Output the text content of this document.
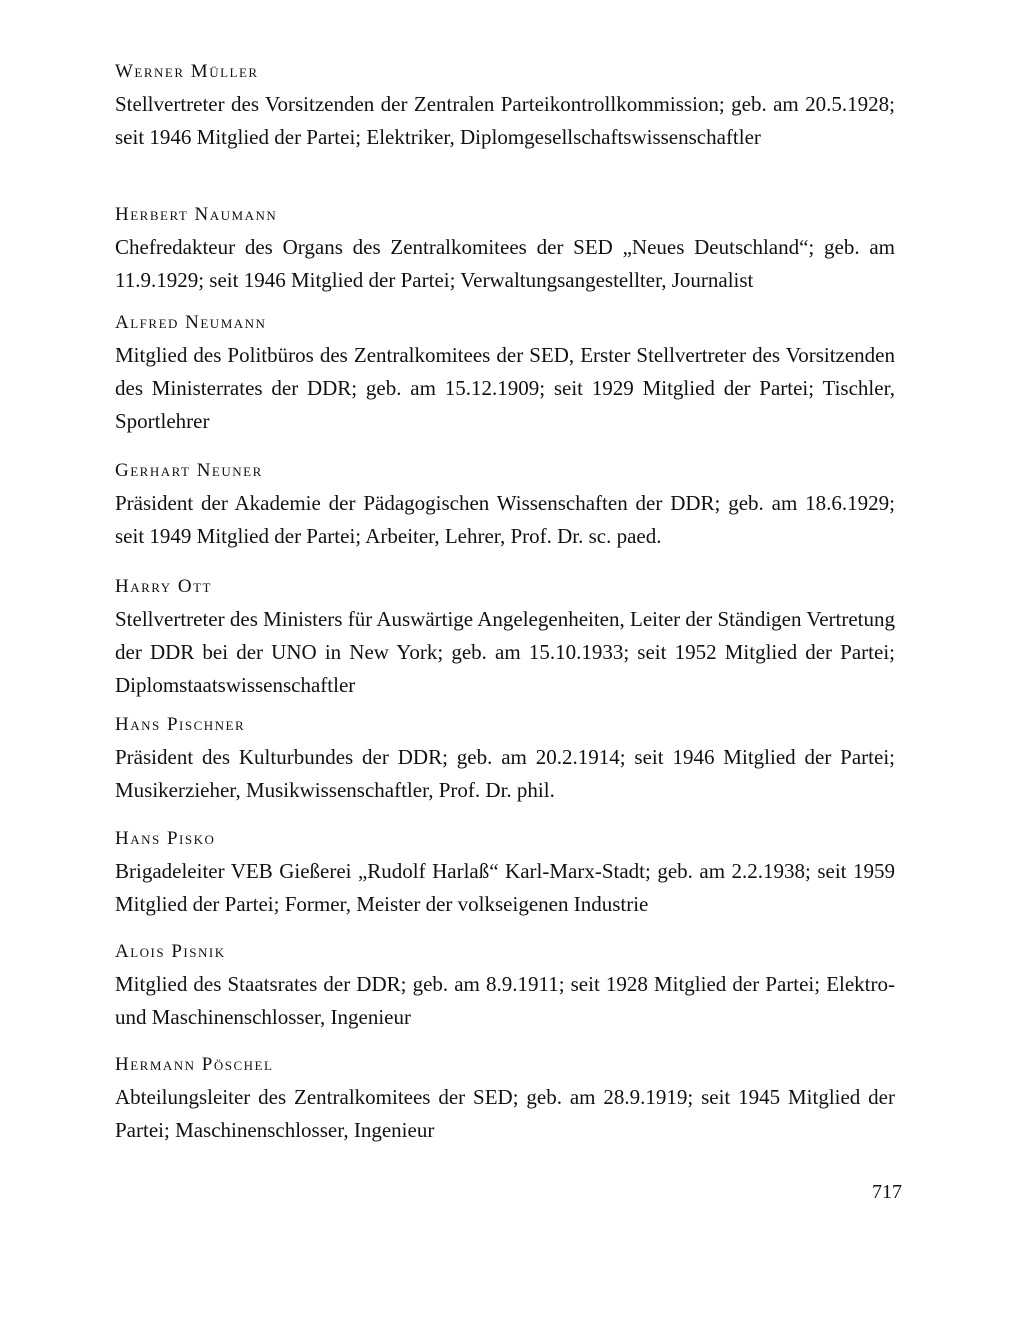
Werner Müller

Stellvertreter des Vorsitzenden der Zentralen Parteikontrollkommission; geb. am 20.5.1928; seit 1946 Mitglied der Partei; Elektriker, Diplomgesellschaftswissenschaftler

Herbert Naumann

Chefredakteur des Organs des Zentralkomitees der SED „Neues Deutschland“; geb. am 11.9.1929; seit 1946 Mitglied der Partei; Verwaltungsangestellter, Journalist

Alfred Neumann

Mitglied des Politbüros des Zentralkomitees der SED, Erster Stellvertreter des Vorsitzenden des Ministerrates der DDR; geb. am 15.12.1909; seit 1929 Mitglied der Partei; Tischler, Sportlehrer

Gerhart Neuner

Präsident der Akademie der Pädagogischen Wissenschaften der DDR; geb. am 18.6.1929; seit 1949 Mitglied der Partei; Arbeiter, Lehrer, Prof. Dr. sc. paed.

Harry Ott

Stellvertreter des Ministers für Auswärtige Angelegenheiten, Leiter der Ständigen Vertretung der DDR bei der UNO in New York; geb. am 15.10.1933; seit 1952 Mitglied der Partei; Diplomstaatswissenschaftler

Hans Pischner

Präsident des Kulturbundes der DDR; geb. am 20.2.1914; seit 1946 Mitglied der Partei; Musikerzieher, Musikwissenschaftler, Prof. Dr. phil.

Hans Pisko

Brigadeleiter VEB Gießerei „Rudolf Harlaß“ Karl-Marx-Stadt; geb. am 2.2.1938; seit 1959 Mitglied der Partei; Former, Meister der volkseigenen Industrie

Alois Pisnik

Mitglied des Staatsrates der DDR; geb. am 8.9.1911; seit 1928 Mitglied der Partei; Elektro- und Maschinenschlosser, Ingenieur

Hermann Pöschel

Abteilungsleiter des Zentralkomitees der SED; geb. am 28.9.1919; seit 1945 Mitglied der Partei; Maschinenschlosser, Ingenieur

717
